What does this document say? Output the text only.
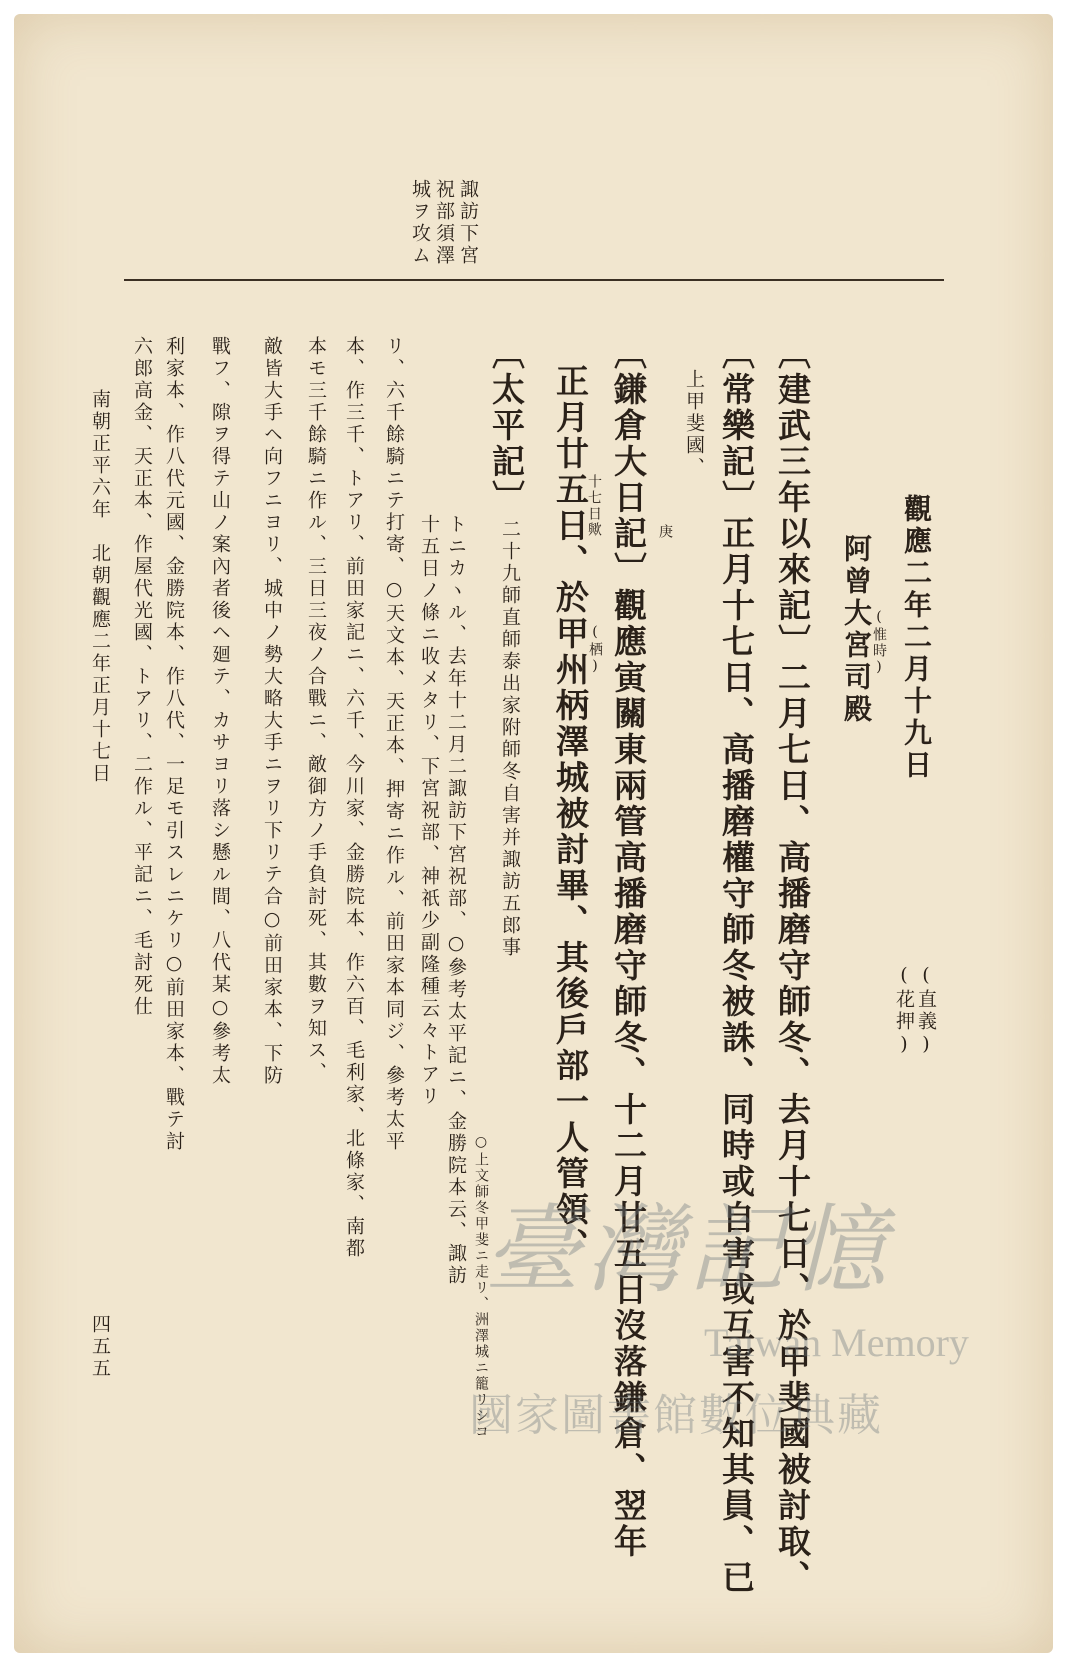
諏訪下宮
祝部須澤
城ヲ攻ム
觀應二年二月十九日
(直義)
(花押)
阿曾大宮司殿
(惟時)
〔建武三年以來記〕二月七日、高播磨守師冬、去月十七日、於甲斐國被討取、
〔常樂記〕正月十七日、高播磨權守師冬被誅、同時或自害或互害不知其員、已
上甲斐國、
〔鎌倉大日記〕觀應寅關東兩管高播磨守師冬、十二月廿五日沒落鎌倉、翌年
正月廿五日、於甲州柄澤城被討畢、其後戶部一人管領、	庚
十七日歟
(栖)
〔太平記〕
二十九師直師泰出家附師冬自害并諏訪五郎事
○上文師冬甲斐ニ走リ、洲澤城ニ籠リシコ
トニカヽル、去年十二月二諏訪下宮祝部、○參考太平記ニ、金勝院本云、諏訪
十五日ノ條ニ收メタリ、下宮祝部、神祇少副隆種云々トアリ
リ、六千餘騎ニテ打寄、○天文本、天正本、押寄ニ作ル、前田家本同ジ、參考太平
本、作三千、トアリ、前田家記ニ、六千、今川家、金勝院本、作六百、毛利家、北條家、南都
本モ三千餘騎ニ作ル、三日三夜ノ合戰ニ、敵御方ノ手負討死、其數ヲ知ス、
敵皆大手ヘ向フニヨリ、城中ノ勢大略大手ニヲリ下リテ合○前田家本、下防
戰フ、隙ヲ得テ山ノ案內者後ヘ廻テ、カサヨリ落シ懸ル間、八代某○參考太
利家本、作八代元國、金勝院本、作八代、一足モ引スレニケリ○前田家本、戰テ討
六郎高金、天正本、作屋代光國、トアリ、二作ル、平記ニ、毛討死仕
南朝正平六年　北朝觀應二年正月十七日
四五五
臺灣記憶
Taiwan Memory
國家圖書館數位典藏
